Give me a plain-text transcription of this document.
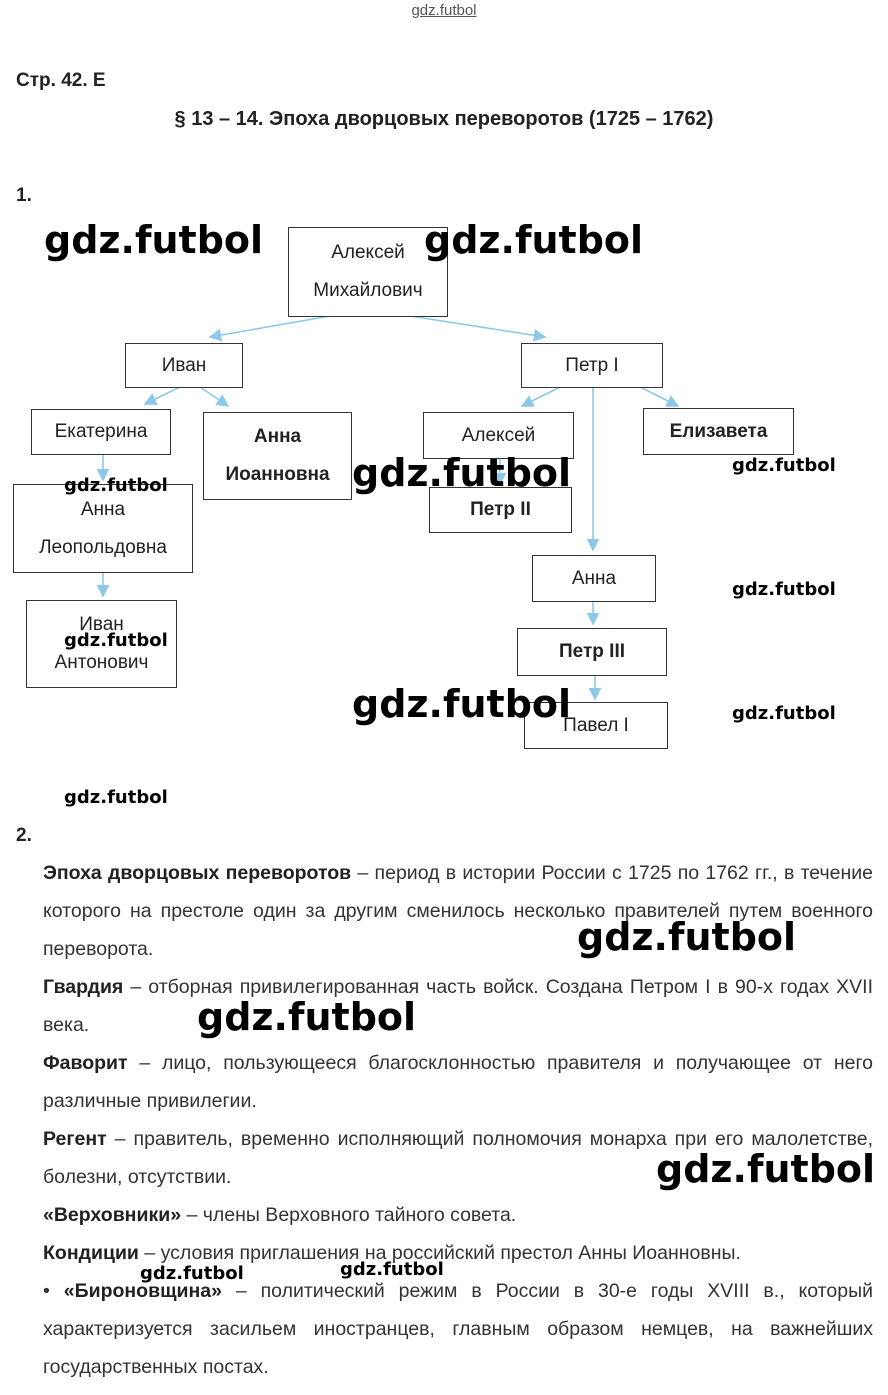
gdz.futbol
Стр. 42. Е
§ 13 – 14. Эпоха дворцовых переворотов (1725 – 1762)
1.
Алексей
Михайлович
Иван	Петр I
Екатерина	Анна
Иоанновна
Алексей	Елизавета
Анна
Леопольдовна
Петр II
Анна
Иван
Антонович
Петр III
Павел I
gdz.futbol	gdz.futbol
gdz.futbol
gdz.futbol
gdz.futbol
gdz.futbol
gdz.futbol
gdz.futbol
gdz.futbol
gdz.futbol
2.
Эпоха дворцовых переворотов – период в истории России с 1725 по 1762 гг., в течение которого на престоле один за другим сменилось несколько правителей путем военного переворота.
Гвардия – отборная привилегированная часть войск. Создана Петром I в 90-х годах XVII века.
Фаворит – лицо, пользующееся благосклонностью правителя и получающее от него различные привилегии.
Регент – правитель, временно исполняющий полномочия монарха при его малолетстве, болезни, отсутствии.
«Верховники» – члены Верховного тайного совета.
Кондиции – условия приглашения на российский престол Анны Иоанновны.
• «Бироновщина» – политический режим в России в 30-е годы XVIII в., который характеризуется засильем иностранцев, главным образом немцев, на важнейших государственных постах.
gdz.futbol
gdz.futbol
gdz.futbol
gdz.futbol	gdz.futbol
